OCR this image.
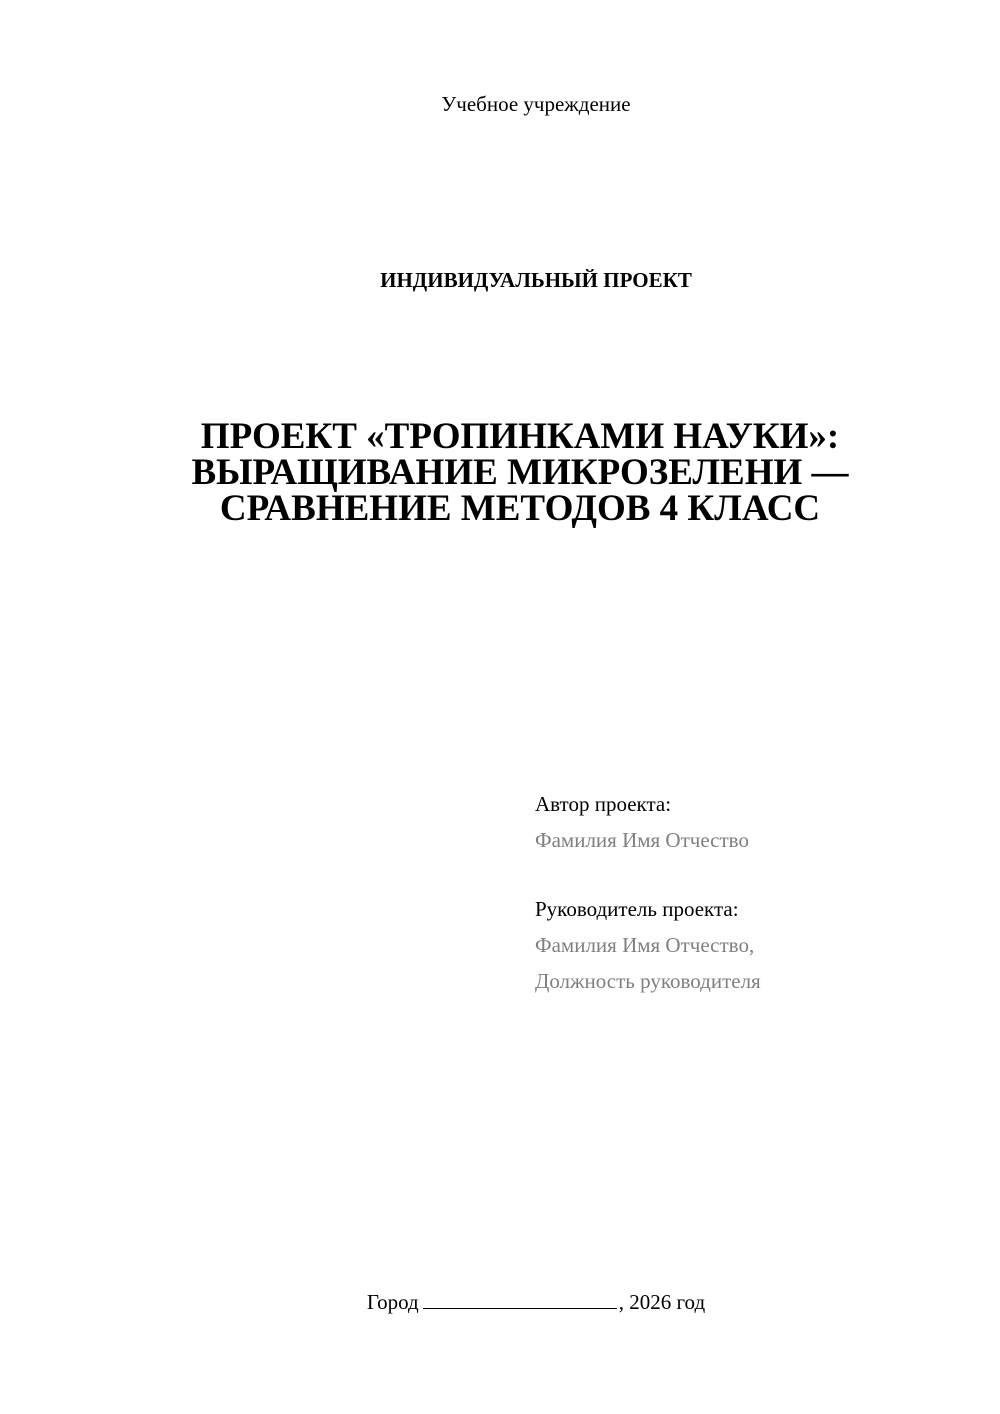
Учебное учреждение
ИНДИВИДУАЛЬНЫЙ ПРОЕКТ
ПРОЕКТ «ТРОПИНКАМИ НАУКИ»:
ВЫРАЩИВАНИЕ МИКРОЗЕЛЕНИ —
СРАВНЕНИЕ МЕТОДОВ 4 КЛАСС
Автор проекта:
Фамилия Имя Отчество
Руководитель проекта:
Фамилия Имя Отчество,
Должность руководителя
Город	, 2026 год
